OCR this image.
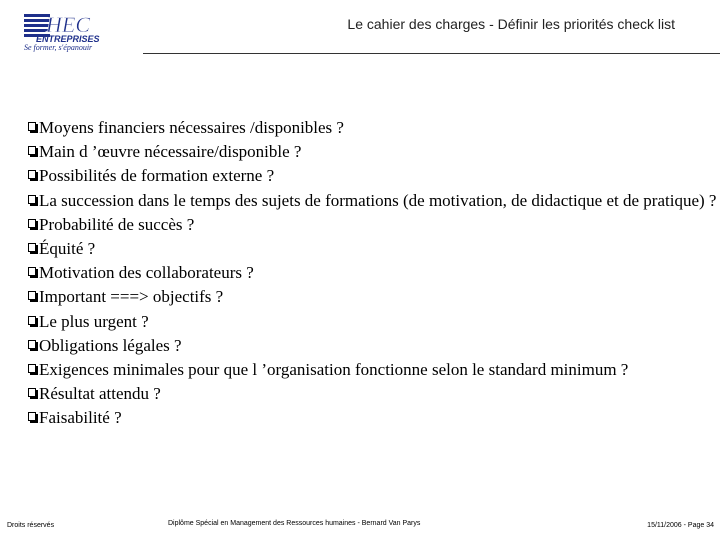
HEC
ENTREPRISES
Se former, s'épanouir
Le cahier des charges - Définir les priorités check list
Moyens financiers nécessaires /disponibles ?
Main d ’œuvre nécessaire/disponible ?
Possibilités de formation externe ?
La succession dans le temps des sujets de formations (de motivation, de didactique et de pratique) ?
Probabilité de succès ?
Équité ?
Motivation des collaborateurs ?
Important ===> objectifs ?
Le plus urgent ?
Obligations légales ?
Exigences minimales pour que l ’organisation fonctionne selon le standard minimum ?
Résultat attendu ?
Faisabilité ?
Droits réservés	Diplôme Spécial en Management des Ressources humaines - Bernard Van Parys	15/11/2006 - Page 34
